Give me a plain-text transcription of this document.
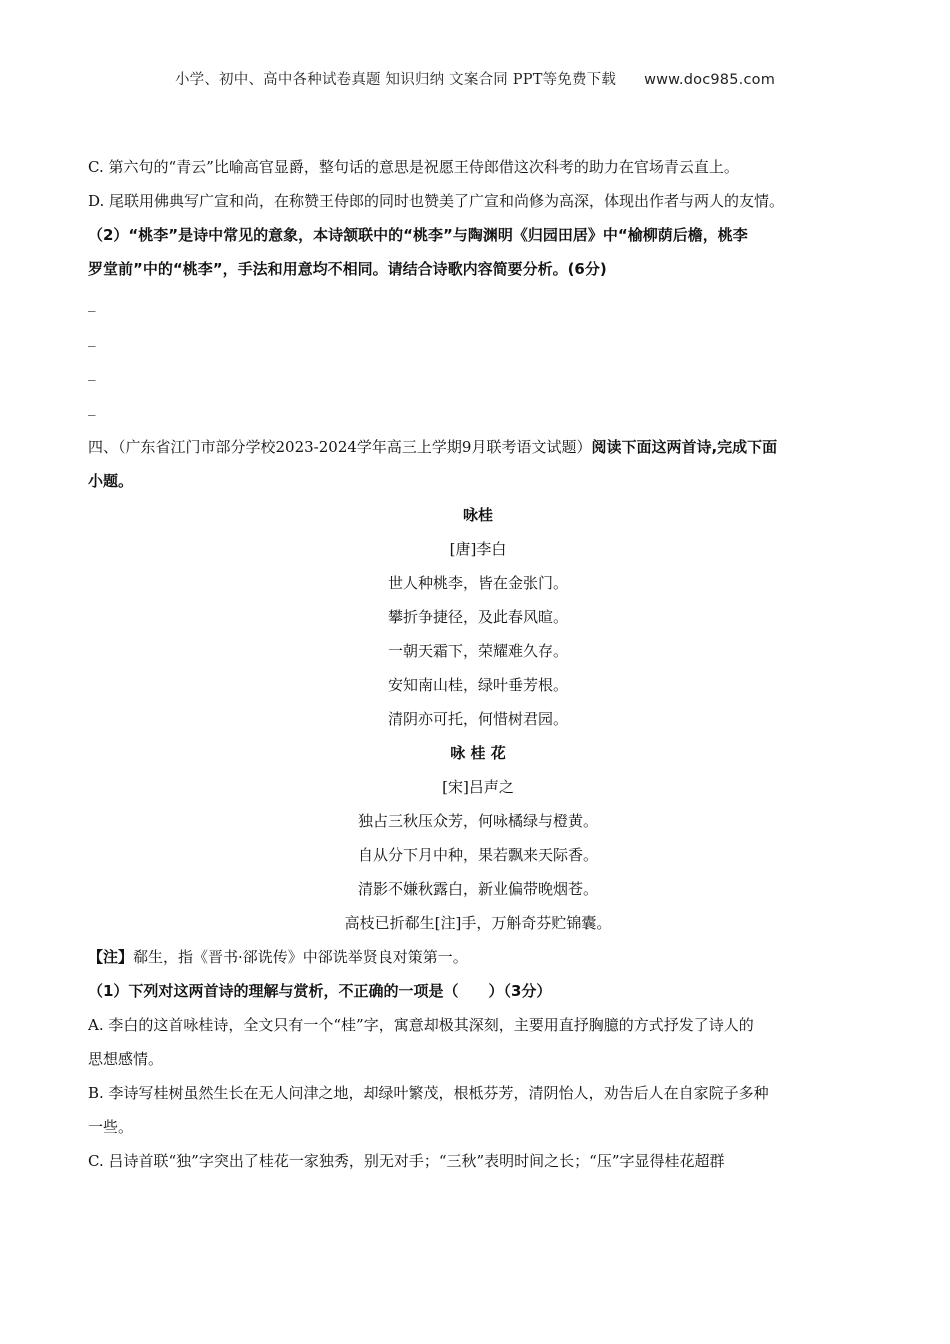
小学、初中、高中各种试卷真题 知识归纳 文案合同 PPT等免费下载 www.doc985.com

C. 第六句的“青云”比喻高官显爵，整句话的意思是祝愿王侍郎借这次科考的助力在官场青云直上。

D. 尾联用佛典写广宣和尚，在称赞王侍郎的同时也赞美了广宣和尚修为高深，体现出作者与两人的友情。

（2）“桃李”是诗中常见的意象，本诗颔联中的“桃李”与陶渊明《归园田居》中“榆柳荫后檐，桃李

罗堂前”中的“桃李”，手法和用意均不相同。请结合诗歌内容简要分析。(6分)

_
_
_
_

四、（广东省江门市部分学校2023-2024学年高三上学期9月联考语文试题）阅读下面这两首诗,完成下面

小题。

咏桂

[唐]李白

世人种桃李，皆在金张门。

攀折争捷径，及此春风暄。

一朝天霜下，荣耀难久存。

安知南山桂，绿叶垂芳根。

清阴亦可托，何惜树君园。

咏 桂 花

[宋]吕声之

独占三秋压众芳，何咏橘绿与橙黄。

自从分下月中种，果若飘来天际香。

清影不嫌秋露白，新业偏带晚烟苍。

高枝已折郗生[注]手，万斛奇芬贮锦囊。

【注】郗生，指《晋书·郤诜传》中郤诜举贤良对策第一。

（1）下列对这两首诗的理解与赏析，不正确的一项是（　　）（3分）

A. 李白的这首咏桂诗，全文只有一个“桂”字，寓意却极其深刻，主要用直抒胸臆的方式抒发了诗人的

思想感情。

B. 李诗写桂树虽然生长在无人问津之地，却绿叶繁茂，根柢芬芳，清阴怡人，劝告后人在自家院子多种

一些。

C. 吕诗首联“独”字突出了桂花一家独秀，别无对手；“三秋”表明时间之长；“压”字显得桂花超群
